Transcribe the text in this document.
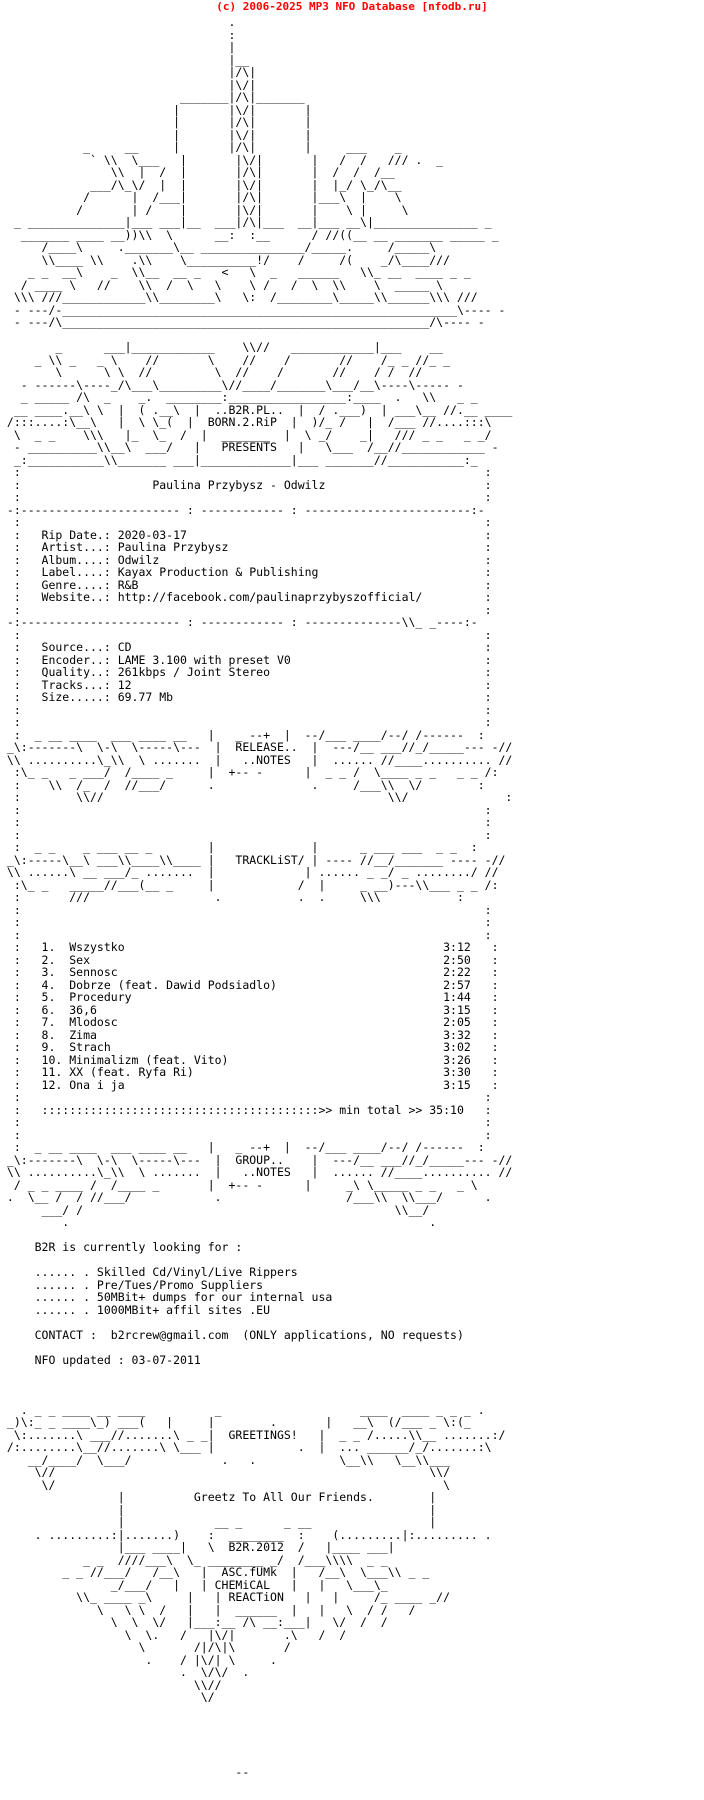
(c) 2006-2025 MP3 NFO Database [nfodb.ru]
.
:
|
|__
|/\|
|\/|
_______|/\|_______
|       |\/|       |
|       |/\|       |
|       |\/|       |
_     __     |       |/\|       |     ___    _
` \\  \___   |       |\/|       |   /  /   /// .  _
\\  |  /  |       |/\|       |  /  /  /__
___/\_\/  |  |       |\/|       |  |_/ \_/\__
/      |  /___|       |/\|       |___\  |    \
/       | /    |       |\/|       |    \ |     \
_ ______________|___ ___|__  ___|/\|___  __|___ __\|_______________ _
_______ ____ __))\\  \      __:  :__      / //((__ __ _______ _____ _
/____\     ._______\__ _______________/_____.     /_____\
\\____ \\    .\\    \__________!/    /     /(    _/\____///
_ _  __\    _  \\__  __ _   <   \  _   ______   \\_ __  ____ _ _
/ ____ \   //    \\  /  \   \    \ /   /  \  \\    \  _____ \
\\\ ///____________\\________\   \:  /________\_____\\______\\\ ///
- ---/-_________________________________________________________\---- -
- ---/\_____________________________________________________/\---- -

_      ___|____________    \\//   ____________|___    __
_ \\ _   _ \    //       \    //    /       //    /_ _ //_ _
\      \ \  //         \  //    /       //    / /  //
- ------\----_/\___\_________\//____/_______\___/__\----\----- -
_ _____ /\  _    _.  ________:_________________:____  .   \\   _ _
__ ____.__\ \  |  ( .__\  |  ..B2R.PL..  |  / .___)  | ___\__ //.__ ____
/:::....:\__\   |  \ \_(  |  BORN.2.RiP  |  )/_ /   |  /___ //....:::\
\  _ _    \\\   |_  \_  /  |  _______  |  \ _/    _|   /// _ _   _ _/
- __________\\__\  ___/   |   PRESENTS   |   \___  /__//____________ -
_:___________\\_______ ___|_____________|___ _______//___________:_
:                                                                   :
:                   Paulina Przybysz - Odwilz                       :
:                                                                   :
-:----------------------- : ------------ : ------------------------:-
:                                                                   :
:   Rip Date.: 2020-03-17                                           :
:   Artist...: Paulina Przybysz                                     :
:   Album....: Odwilz                                               :
:   Label....: Kayax Production & Publishing                        :
:   Genre....: R&B                                                  :
:   Website..: http://facebook.com/paulinaprzybyszofficial/         :
:                                                                   :
-:----------------------- : ------------ : --------------\\_ _----:-
:                                                                   :
:   Source...: CD                                                   :
:   Encoder..: LAME 3.100 with preset V0                            :
:   Quality..: 261kbps / Joint Stereo                               :
:   Tracks...: 12                                                   :
:   Size.....: 69.77 Mb                                             :
:                                                                   :
:                                                                   :
:  _ __ ____  ___ ____ __   |   _ --+  |  --/___ ____/--/ /------  :
_\:-------\  \-\  \-----\---  |  RELEASE..  |  ---/__ ___//_/_____--- -//
\\ ..........\_\\  \ .......  |   ..NOTES   |  ...... //____.......... //
:\_ _   _ ___/  /____ _     |  +-- -      |  _ _ /  \____ _ _   _ _ /:
:    \\  /_  /  //___/      .              .     /___\\  \/        :
:        \\//                                         \\/              :
:                                                                   :
:                                                                   :
:                                                                   :
:  _ _    _ ___ __ _        |              |      _ ___ ___  _ _  :
_\:-----\__\ ___\\____\\____ |   TRACKLiST/ | ---- //__/_______ ---- -//
\\ ......\ __ ___/_ .......  |             | ...... _ _/ _ ......../ //
:\_ _   _____//___(__ _     |            /  |     _ __)---\\___ _ _ /:
:       ///                  .           .  .     \\\           :
:                                                                   :
:                                                                   :
:                                                                   :
:   1.  Wszystko                                              3:12   :
:   2.  Sex                                                   2:50   :
:   3.  Sennosc                                               2:22   :
:   4.  Dobrze (feat. Dawid Podsiadlo)                        2:57   :
:   5.  Procedury                                             1:44   :
:   6.  36,6                                                  3:15   :
:   7.  Mlodosc                                               2:05   :
:   8.  Zima                                                  3:32   :
:   9.  Strach                                                3:02   :
:   10. Minimalizm (feat. Vito)                               3:26   :
:   11. XX (feat. Ryfa Ri)                                    3:30   :
:   12. Ona i ja                                              3:15   :
:                                                                   :
:   ::::::::::::::::::::::::::::::::::::::::>> min total >> 35:10   :
:                                                                   :
:                                                                   :
:  _ __ ____  ___ ____ __   |   _ --+  |  --/___ ____/--/ /------  :
_\:-------\  \-\  \-----\---  |  GROUP..    |  ---/__ ___//_/_____--- -//
\\ ..........\_\\  \ .......  |   ..NOTES   |  ...... //____.......... //
/ _ _ ____ /  /____ _       |  +-- -      |     _\ \_____ _ _   _ \
.  \__ /  / //___/            .                  /___\\  \\___/      .
___/ /                                             \\__/
.                                                    .

B2R is currently looking for :

...... . Skilled Cd/Vinyl/Live Rippers
...... . Pre/Tues/Promo Suppliers
...... . 50MBit+ dumps for our internal usa
...... . 1000MBit+ affil sites .EU

CONTACT :  b2rcrew@gmail.com  (ONLY applications, NO requests)

NFO updated : 03-07-2011

. _ _ ____ __ ____          _                    ____  ____ _ _ _ .
_)\:_ _ ____\_) ___(   |     |        .       |   __\  (/___ _ \:(_
\:.......\ ___//.......\ _ _|  GREETINGS!   |  _ _ /.....\\__ .......:/
/:........\__//.......\ \___ |            .  |  ... ______/_/.......:\
__/____/  \___/             .   .            \__\\   \__\\___
\//                                                      \\/
\/                                                        \
|          Greetz To All Our Friends.        |
|                                            |
|             __ _      _ __                 |
. .........:|.......)    :  ________  :    (.........|:......... .
|___ ____|   \  B2R.2012  /   |____ ___|
_ _  ////___\  \_ ________ _/  /___\\\\  _ _
_ _ //___/   /__\   |  ASC.fUMk  |   /__\  \___\\ _ _
_/___/   |   | CHEMiCAL   |   |   \___\_
\\_ ____ _\     |   | REACTiON   |   |     /_ ____ _//
\   \ \  /   |   |  ______  |   |   \  / /   /
\  \  \/   |___:__ /\ __:___|   \/  /  /
\  \.   /   |\/|       .\   /  /
\       /|/\|\       /
.    / |\/| \     .
.  \/\/  .
\\//
\/

--
